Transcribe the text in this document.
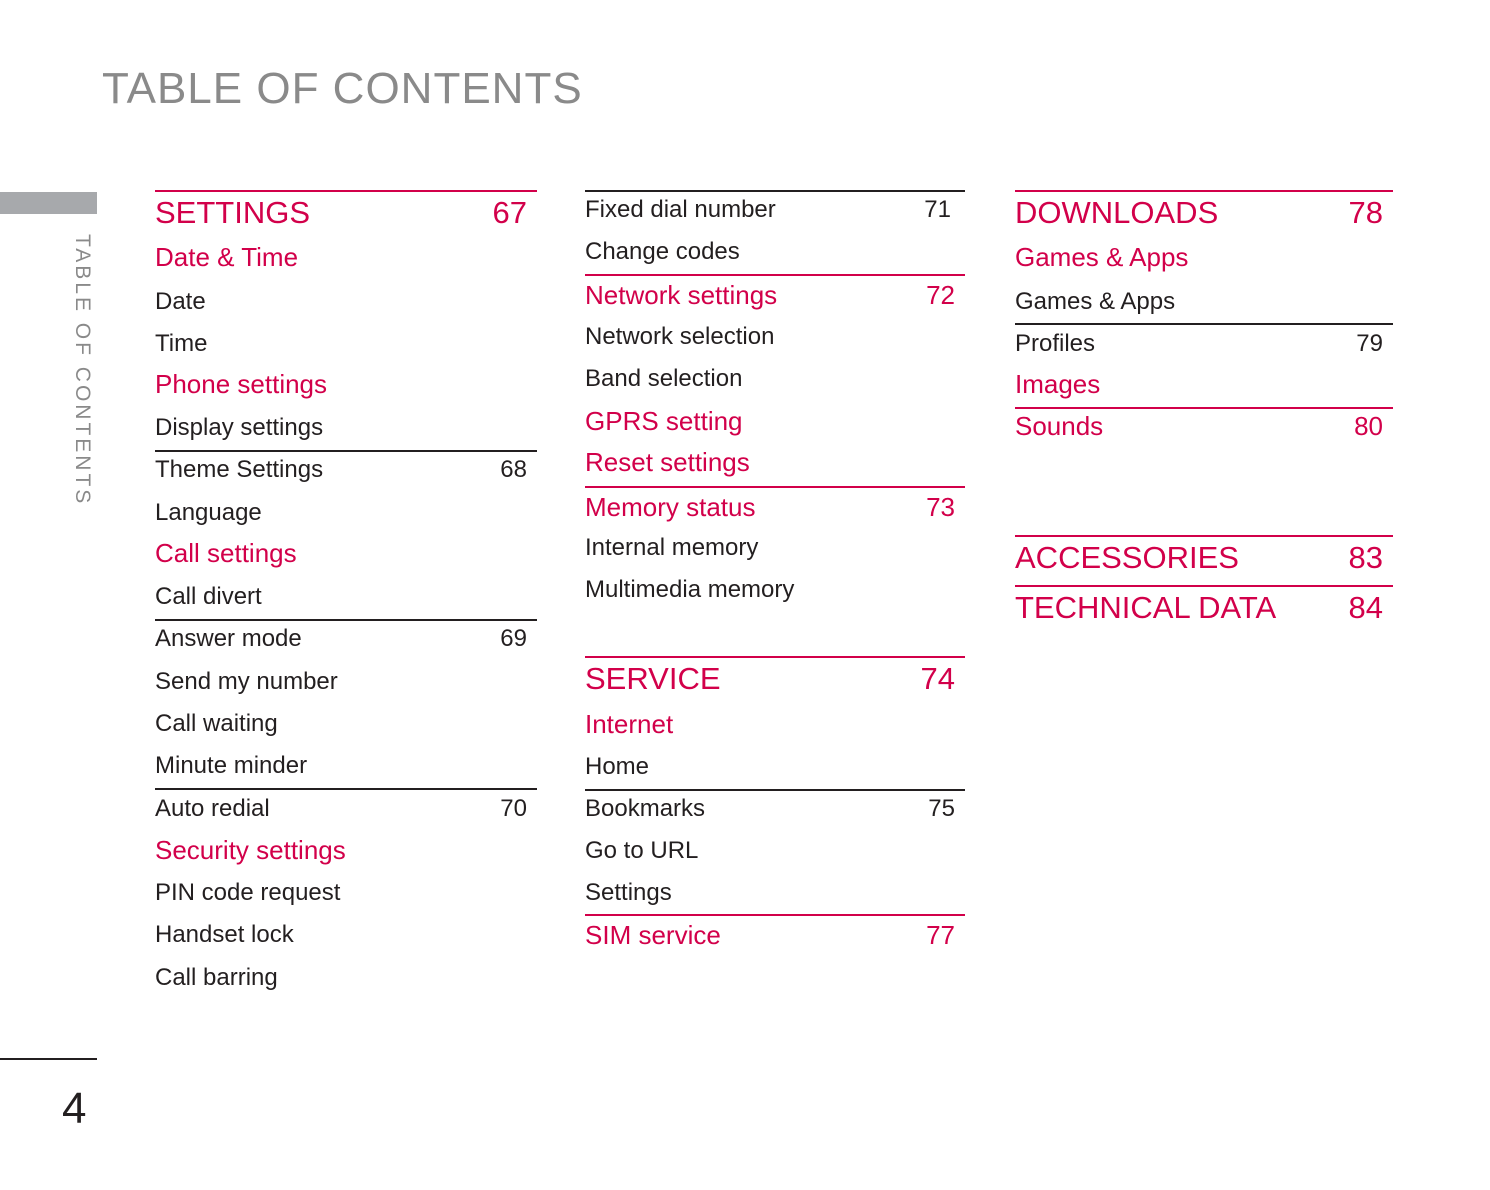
TABLE OF CONTENTS
TABLE OF CONTENTS
4
SETTINGS	67
Date & Time
Date
Time
Phone settings
Display settings
Theme Settings	68
Language
Call settings
Call divert
Answer mode	69
Send my number
Call waiting
Minute minder
Auto redial	70
Security settings
PIN code request
Handset lock
Call barring
Fixed dial number	71
Change codes
Network settings	72
Network selection
Band selection
GPRS setting
Reset settings
Memory status	73
Internal memory
Multimedia memory
SERVICE	74
Internet
Home
Bookmarks	75
Go to URL
Settings
SIM service	77
DOWNLOADS	78
Games & Apps
Games & Apps
Profiles	79
Images
Sounds	80
ACCESSORIES	83
TECHNICAL DATA 84
